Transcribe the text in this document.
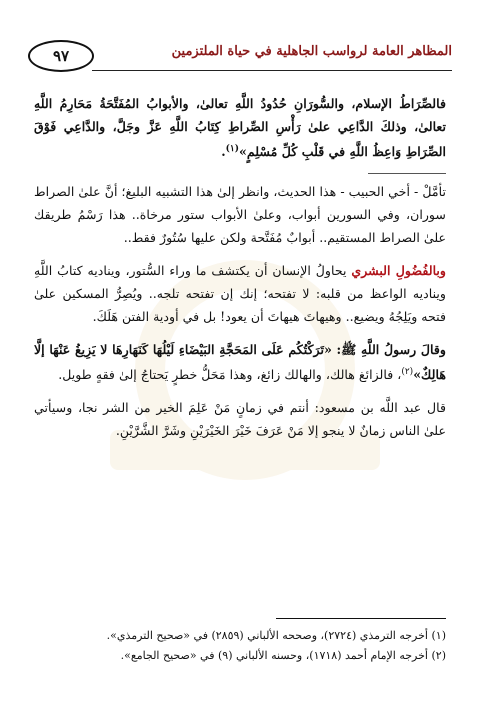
٩٧	المظاهر العامة لرواسب الجاهلية في حياة الملتزمين

فالصِّرَاطُ الإسلام، والسُّورَانِ حُدُودُ اللَّهِ تعالىٰ، والأبوابُ المُفَتَّحَةُ مَحَارِمُ اللَّهِ تعالىٰ، وذلكَ الدَّاعِي علىٰ رَأْسِ الصِّراطِ كِتَابُ اللَّهِ عَزَّ وجَلَّ، والدَّاعِي فَوْقَ الصِّرَاطِ وَاعِظُ اللَّهِ في قَلْبِ كُلِّ مُسْلِمٍ»$^{(١)}$.

تأمَّلْ - أخي الحبيب - هذا الحديث، وانظر إلىٰ هذا التشبيه البليغ؛ أنَّ علىٰ الصراط سوران، وفي السورين أبواب، وعلىٰ الأبواب ستور مرخاة.. هذا رَسْمُ طريقك علىٰ الصراط المستقيم.. أبوابٌ مُفَتَّحة ولكن عليها سُتُورٌ فقط..

وبالفُضُولِ البشري يحاولُ الإنسان أن يكتشف ما وراء السُّتور، ويناديه كتابُ اللَّهِ ويناديه الواعظ من قلبه: لا تفتحه؛ إنك إن تفتحه تلجه.. ويُصِرُّ المسكين علىٰ فتحه ويَلِجُهُ ويضيع.. وهيهاتَ هيهاتَ أن يعود! بل في أودية الفتن هَلَكَ.

وقالَ رسولُ اللَّهِ ﷺ: «تَرَكْتُكُم عَلَى المَحَجَّةِ البَيْضَاءِ لَيْلُهَا كَنَهَارِهَا لا يَزِيغُ عَنْهَا إلَّا هَالِكٌ»$^{(٢)}$، فالزائغ هالك، والهالك زائغ، وهذا مَحَلُّ خطرٍ يَحتاجُ إلىٰ فقهٍ طويل.

قال عبد اللَّه بن مسعود: أنتم في زمانٍ مَنْ عَلِمَ الخير من الشر نجا، وسيأتي علىٰ الناس زمانٌ لا ينجو إلا مَنْ عَرَفَ خَيْرَ الخَيْرَيْنِ وشَرَّ الشَّرَّيْنِ.

(١) أخرجه الترمذي (٢٧٢٤)، وصححه الألباني (٢٨٥٩) في «صحيح الترمذي».
(٢) أخرجه الإمام أحمد (١٧١٨)، وحسنه الألباني (٩) في «صحيح الجامع».
